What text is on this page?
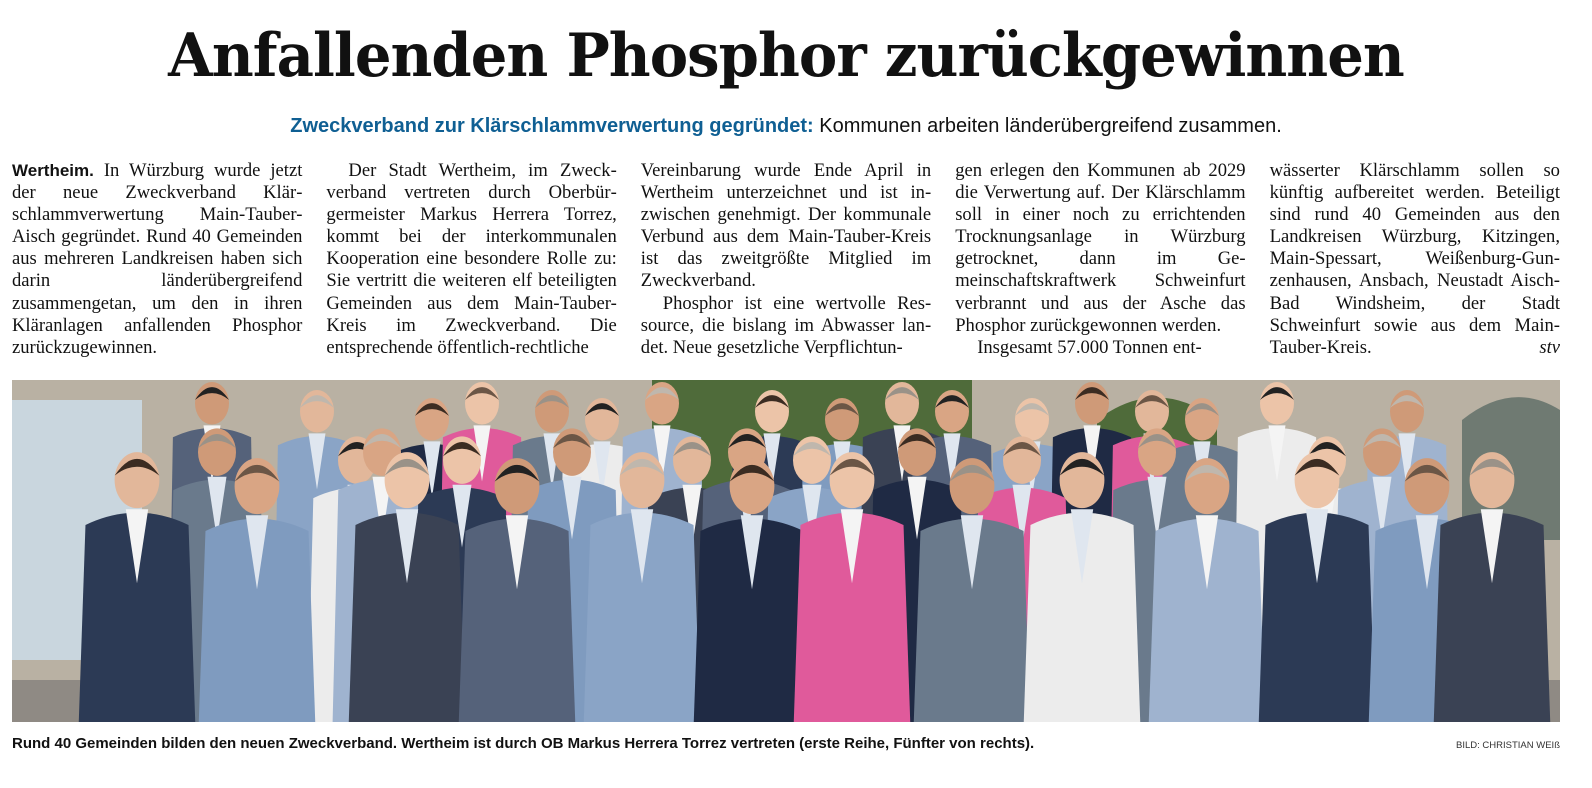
Anfallenden Phosphor zurückgewinnen

Zweckverband zur Klärschlammverwertung gegründet: Kommunen arbeiten länderübergreifend zusammen.

Wertheim. In Würzburg wurde jetzt der neue Zweckverband Klärschlammverwertung Main-Tauber-Aisch gegründet. Rund 40 Gemeinden aus mehreren Landkreisen haben sich darin länderübergreifend zusammengetan, um den in ihren Kläranlagen anfallenden Phosphor zurückzugewinnen.

Der Stadt Wertheim, im Zweckverband vertreten durch Oberbürgermeister Markus Herrera Torrez, kommt bei der interkommunalen Kooperation eine besondere Rolle zu: Sie vertritt die weiteren elf beteiligten Gemeinden aus dem Main-Tauber-Kreis im Zweckverband. Die entsprechende öffentlich-rechtliche

Vereinbarung wurde Ende April in Wertheim unterzeichnet und ist inzwischen genehmigt. Der kommunale Verbund aus dem Main-Tauber-Kreis ist das zweitgrößte Mitglied im Zweckverband.

Phosphor ist eine wertvolle Ressource, die bislang im Abwasser landet. Neue gesetzliche Verpflichtun-

gen erlegen den Kommunen ab 2029 die Verwertung auf. Der Klärschlamm soll in einer noch zu errichtenden Trocknungsanlage in Würzburg getrocknet, dann im Gemeinschaftskraftwerk Schweinfurt verbrannt und aus der Asche das Phosphor zurückgewonnen werden.

Insgesamt 57.000 Tonnen ent-

wässerter Klärschlamm sollen so künftig aufbereitet werden. Beteiligt sind rund 40 Gemeinden aus den Landkreisen Würzburg, Kitzingen, Main-Spessart, Weißenburg-Gunzenhausen, Ansbach, Neustadt Aisch-Bad Windsheim, der Stadt Schweinfurt sowie aus dem Main-Tauber-Kreis.	stv

Rund 40 Gemeinden bilden den neuen Zweckverband. Wertheim ist durch OB Markus Herrera Torrez vertreten (erste Reihe, Fünfter von rechts).	BILD: CHRISTIAN WEIß
